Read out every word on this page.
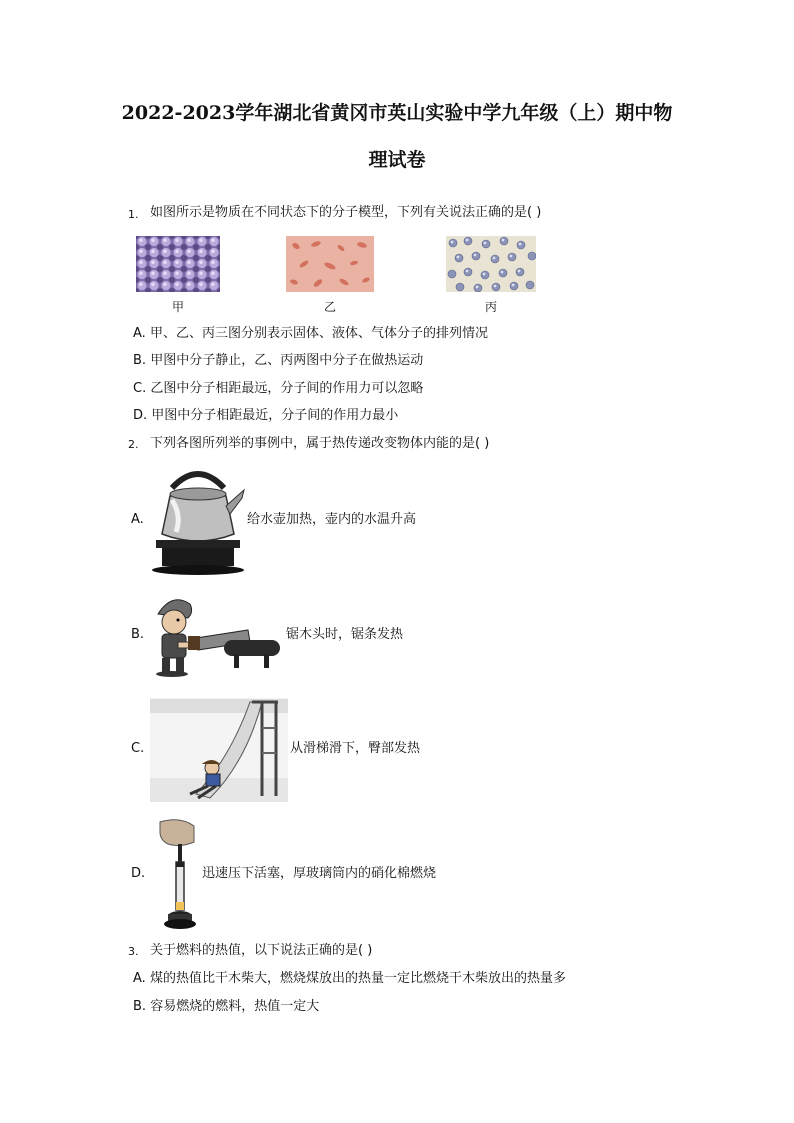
2022-2023学年湖北省黄冈市英山实验中学九年级（上）期中物
理试卷
1. 如图所示是物质在不同状态下的分子模型，下列有关说法正确的是( )
甲	乙	丙
A. 甲、乙、丙三图分别表示固体、液体、气体分子的排列情况
B. 甲图中分子静止，乙、丙两图中分子在做热运动
C. 乙图中分子相距最远，分子间的作用力可以忽略
D. 甲图中分子相距最近，分子间的作用力最小
2. 下列各图所列举的事例中，属于热传递改变物体内能的是( )
A.	给水壶加热，壶内的水温升高
B.	锯木头时，锯条发热
C.	从滑梯滑下，臀部发热
D.	迅速压下活塞，厚玻璃筒内的硝化棉燃烧
3. 关于燃料的热值，以下说法正确的是( )
A. 煤的热值比干木柴大，燃烧煤放出的热量一定比燃烧干木柴放出的热量多
B. 容易燃烧的燃料，热值一定大
